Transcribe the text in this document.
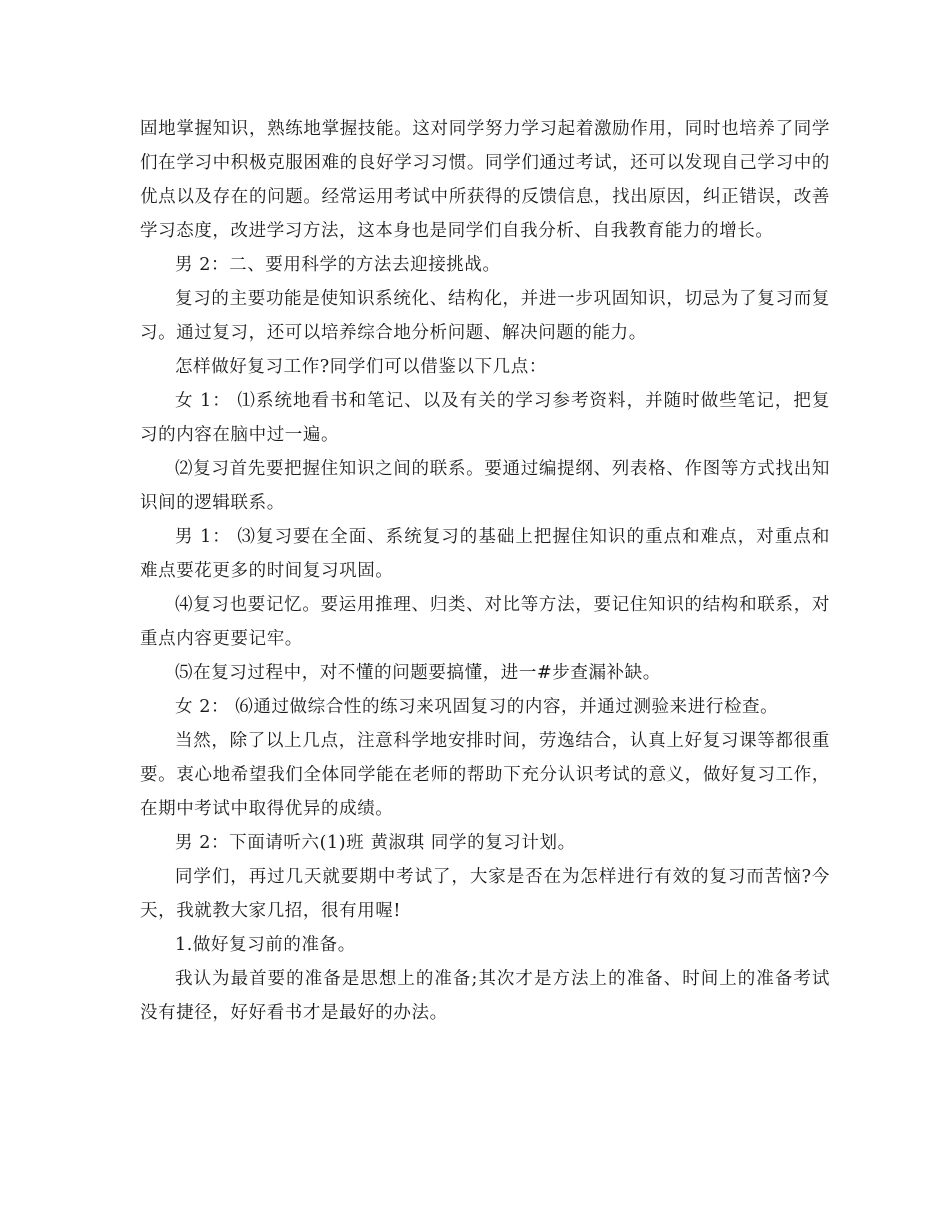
固地掌握知识，熟练地掌握技能。这对同学努力学习起着激励作用，同时也培养了同学们在学习中积极克服困难的良好学习习惯。同学们通过考试，还可以发现自己学习中的优点以及存在的问题。经常运用考试中所获得的反馈信息，找出原因，纠正错误，改善学习态度，改进学习方法，这本身也是同学们自我分析、自我教育能力的增长。

男 2：二、要用科学的方法去迎接挑战。

复习的主要功能是使知识系统化、结构化，并进一步巩固知识，切忌为了复习而复习。通过复习，还可以培养综合地分析问题、解决问题的能力。

怎样做好复习工作?同学们可以借鉴以下几点：

女 1： ⑴系统地看书和笔记、以及有关的学习参考资料，并随时做些笔记，把复习的内容在脑中过一遍。

⑵复习首先要把握住知识之间的联系。要通过编提纲、列表格、作图等方式找出知识间的逻辑联系。

男 1： ⑶复习要在全面、系统复习的基础上把握住知识的重点和难点，对重点和难点要花更多的时间复习巩固。

⑷复习也要记忆。要运用推理、归类、对比等方法，要记住知识的结构和联系，对重点内容更要记牢。

⑸在复习过程中，对不懂的问题要搞懂，进一#步查漏补缺。

女 2： ⑹通过做综合性的练习来巩固复习的内容，并通过测验来进行检查。

当然，除了以上几点，注意科学地安排时间，劳逸结合，认真上好复习课等都很重要。衷心地希望我们全体同学能在老师的帮助下充分认识考试的意义，做好复习工作，在期中考试中取得优异的成绩。

男 2：下面请听六(1)班 黄淑琪 同学的复习计划。

同学们，再过几天就要期中考试了，大家是否在为怎样进行有效的复习而苦恼?今天，我就教大家几招，很有用喔!

1.做好复习前的准备。

我认为最首要的准备是思想上的准备;其次才是方法上的准备、时间上的准备考试没有捷径，好好看书才是最好的办法。
